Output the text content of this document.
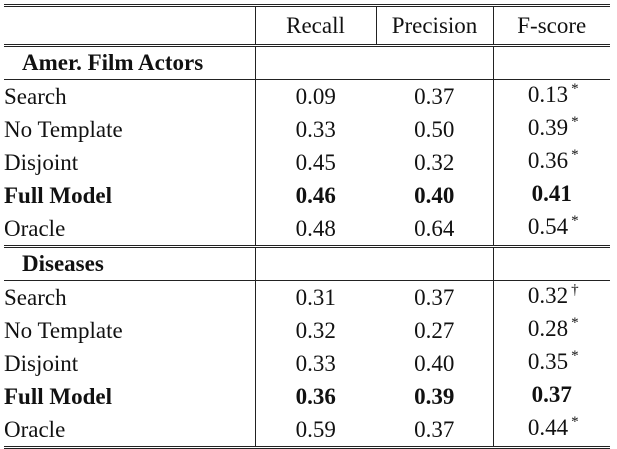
	Recall	Precision	F-score
Amer. Film Actors			
Search	0.09	0.37	0.13 *
No Template	0.33	0.50	0.39 *
Disjoint	0.45	0.32	0.36 *
Full Model	0.46	0.40	0.41
Oracle	0.48	0.64	0.54 *
Diseases			
Search	0.31	0.37	0.32 †
No Template	0.32	0.27	0.28 *
Disjoint	0.33	0.40	0.35 *
Full Model	0.36	0.39	0.37
Oracle	0.59	0.37	0.44 *
